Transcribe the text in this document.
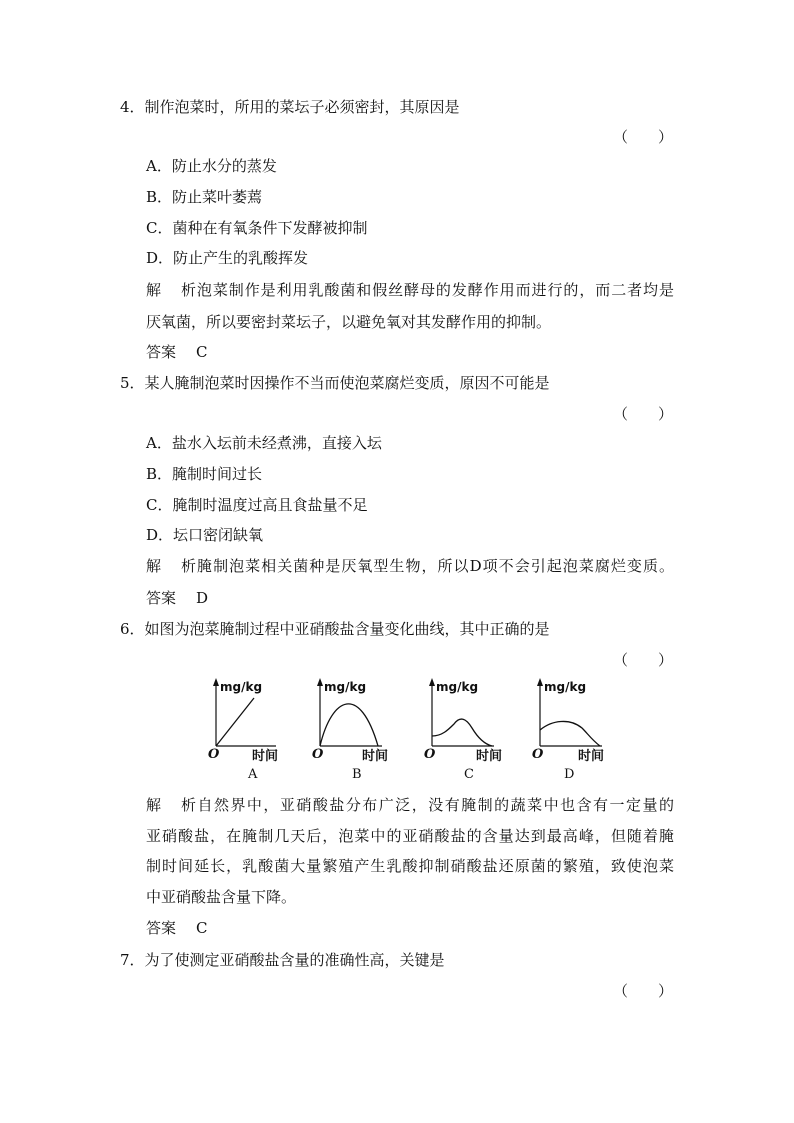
4．制作泡菜时，所用的菜坛子必须密封，其原因是
（　　）
A．防止水分的蒸发
B．防止菜叶萎蔫
C．菌种在有氧条件下发酵被抑制
D．防止产生的乳酸挥发
解析泡菜制作是利用乳酸菌和假丝酵母的发酵作用而进行的，而二者均是
厌氧菌，所以要密封菜坛子，以避免氧对其发酵作用的抑制。
答案 C
5．某人腌制泡菜时因操作不当而使泡菜腐烂变质，原因不可能是
（　　）
A．盐水入坛前未经煮沸，直接入坛
B．腌制时间过长
C．腌制时温度过高且食盐量不足
D．坛口密闭缺氧
解析腌制泡菜相关菌种是厌氧型生物，所以D项不会引起泡菜腐烂变质。
答案 D
6．如图为泡菜腌制过程中亚硝酸盐含量变化曲线，其中正确的是
（　　）
mg/kg
O	时间
A
mg/kg
O	时间
B
mg/kg
O	时间
C
mg/kg
O	时间
D
解析自然界中，亚硝酸盐分布广泛，没有腌制的蔬菜中也含有一定量的
亚硝酸盐，在腌制几天后，泡菜中的亚硝酸盐的含量达到最高峰，但随着腌
制时间延长，乳酸菌大量繁殖产生乳酸抑制硝酸盐还原菌的繁殖，致使泡菜
中亚硝酸盐含量下降。
答案 C
7．为了使测定亚硝酸盐含量的准确性高，关键是
（　　）
